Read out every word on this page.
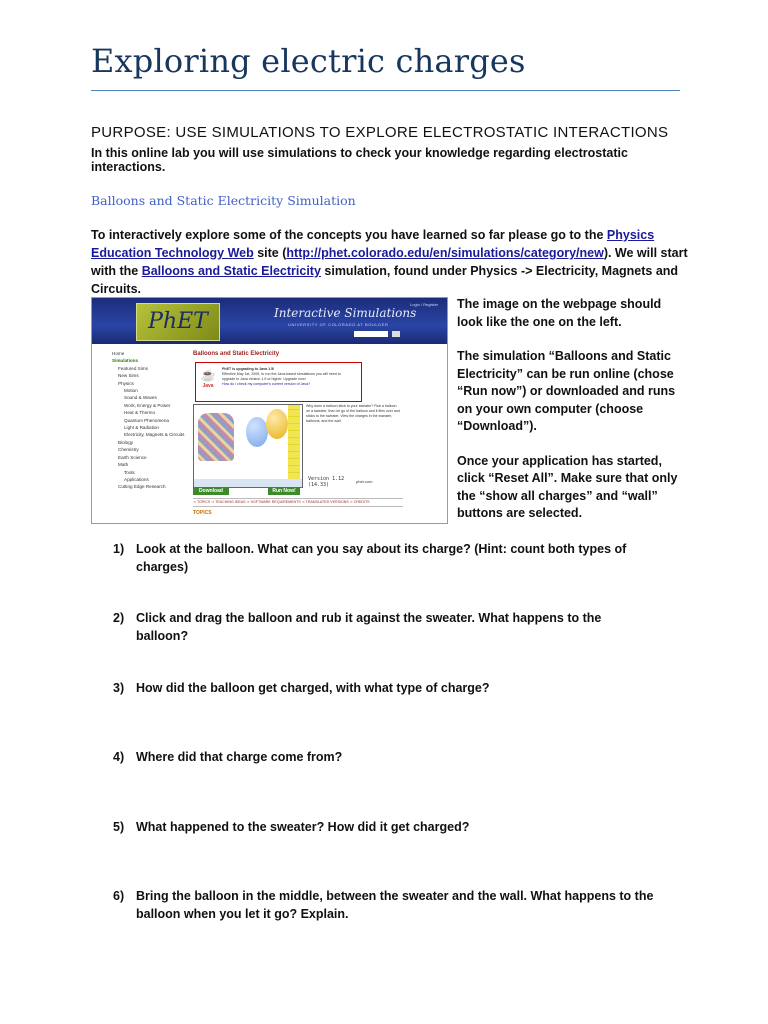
Exploring electric charges
PURPOSE: USE SIMULATIONS TO EXPLORE ELECTROSTATIC INTERACTIONS
In this online lab you will use simulations to check your knowledge regarding electrostatic interactions.
Balloons and Static Electricity Simulation
To interactively explore some of the concepts you have learned so far please go to the Physics Education Technology Web site (http://phet.colorado.edu/en/simulations/category/new). We will start with the Balloons and Static Electricity simulation, found under Physics -> Electricity, Magnets and Circuits.
PhET	Interactive Simulations
UNIVERSITY OF COLORADO AT BOULDER
Login / Register
Home
Simulations
Featured Sims
New Sims
Physics
Motion
Sound & Waves
Work, Energy & Power
Heat & Thermo
Quantum Phenomena
Light & Radiation
Electricity, Magnets & Circuits
Biology
Chemistry
Earth Science
Math
Tools
Applications
Cutting Edge Research
Balloons and Static Electricity
☕
Java
PhET is upgrading to Java 1.5!
Effective May 1st, 2009, to run the Java-based simulations you will need to
upgrade to Java version 1.5 or higher. Upgrade now!
How do I check my computer's current version of Java?
Why does a balloon stick to your sweater? Rub a balloon on a sweater, then let go of the balloon and it flies over and sticks to the sweater. View the charges in the sweater, balloons, and the wall.
Version 1.12
(14.33)
phet.com
Download	Run Now!
⇒ TOPICS ⇒ TEACHING IDEAS ⇒ SOFTWARE REQUIREMENTS ⇒ TRANSLATED VERSIONS ⇒ CREDITS
TOPICS

The image on the webpage should look like the one on the left.

The simulation “Balloons and Static Electricity” can be run online (chose “Run now”) or downloaded and runs on your own computer (choose “Download”).

Once your application has started, click “Reset All”. Make sure that only the “show all charges” and “wall” buttons are selected.

1) Look at the balloon. What can you say about its charge? (Hint: count both types of charges)
2) Click and drag the balloon and rub it against the sweater. What happens to the balloon?
3) How did the balloon get charged, with what type of charge?
4) Where did that charge come from?
5) What happened to the sweater? How did it get charged?
6) Bring the balloon in the middle, between the sweater and the wall. What happens to the balloon when you let it go? Explain.
